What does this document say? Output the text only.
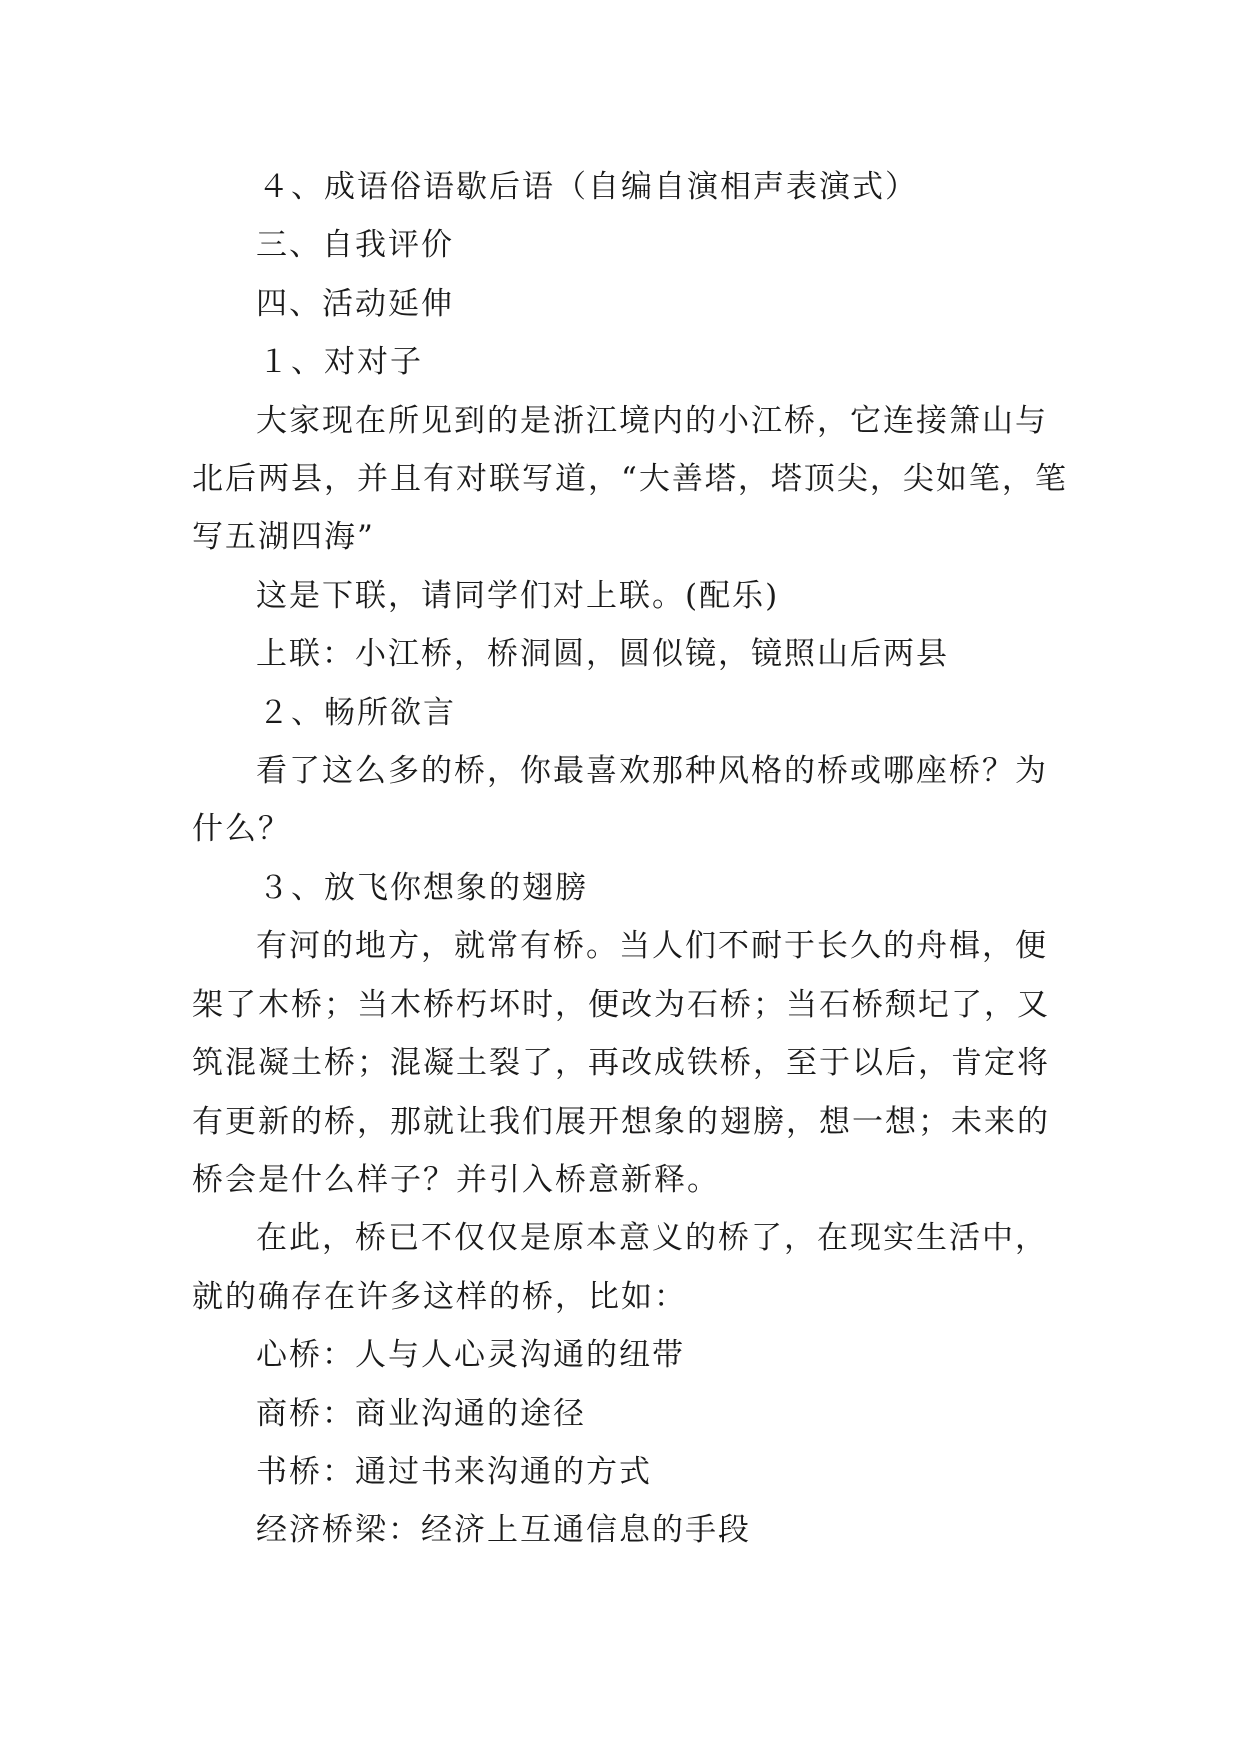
４、成语俗语歇后语（自编自演相声表演式）

三、自我评价

四、活动延伸

１、对对子

大家现在所见到的是浙江境内的小江桥，它连接箫山与北后两县，并且有对联写道，“大善塔，塔顶尖，尖如笔，笔写五湖四海”

这是下联，请同学们对上联。(配乐)

上联：小江桥，桥洞圆，圆似镜，镜照山后两县

２、畅所欲言

看了这么多的桥，你最喜欢那种风格的桥或哪座桥？为什么？

３、放飞你想象的翅膀

有河的地方，就常有桥。当人们不耐于长久的舟楫，便架了木桥；当木桥朽坏时，便改为石桥；当石桥颓圮了，又筑混凝土桥；混凝土裂了，再改成铁桥，至于以后，肯定将有更新的桥，那就让我们展开想象的翅膀，想一想；未来的桥会是什么样子？并引入桥意新释。

在此，桥已不仅仅是原本意义的桥了，在现实生活中，就的确存在许多这样的桥，比如：

心桥：人与人心灵沟通的纽带

商桥：商业沟通的途径

书桥：通过书来沟通的方式

经济桥梁：经济上互通信息的手段
